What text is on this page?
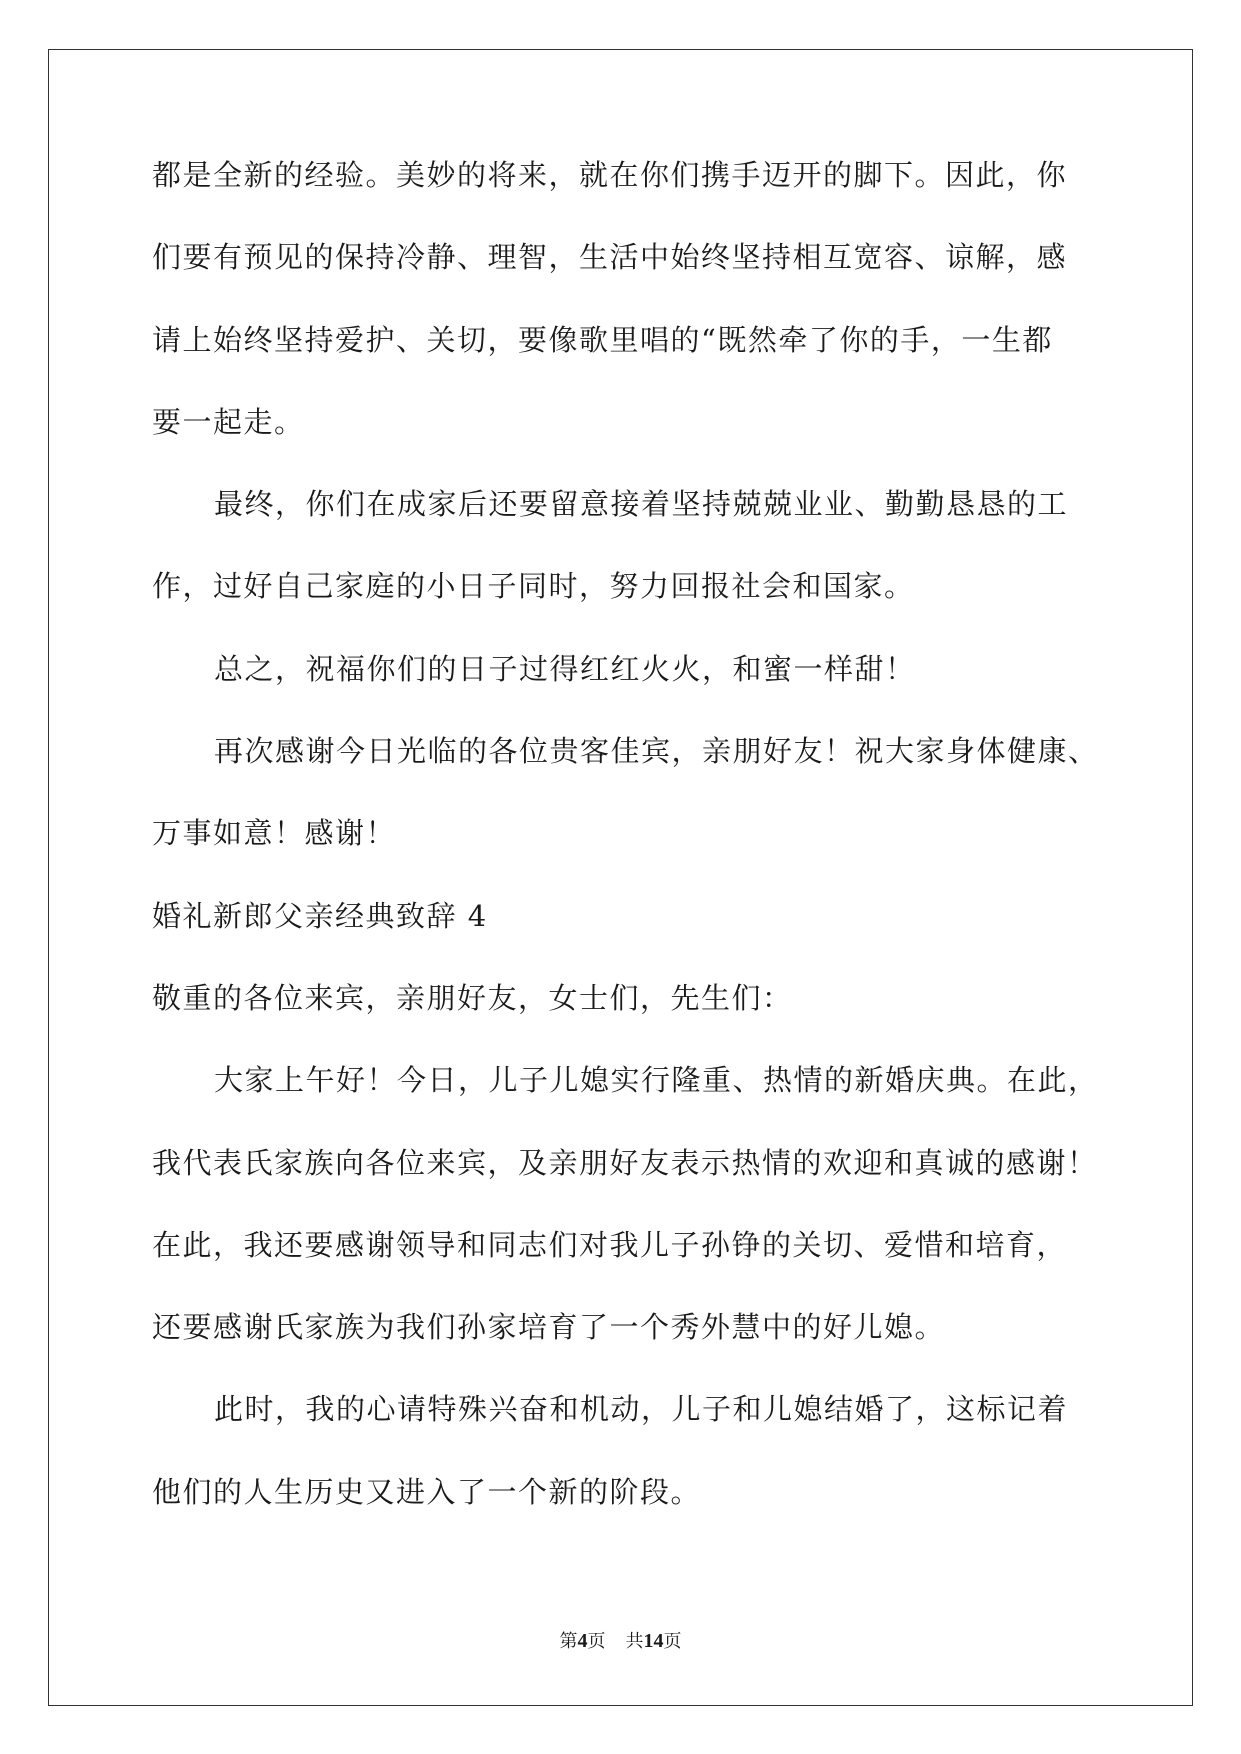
都是全新的经验。美妙的将来，就在你们携手迈开的脚下。因此，你
们要有预见的保持冷静、理智，生活中始终坚持相互宽容、谅解，感
请上始终坚持爱护、关切，要像歌里唱的“既然牵了你的手，一生都
要一起走。
最终，你们在成家后还要留意接着坚持兢兢业业、勤勤恳恳的工
作，过好自己家庭的小日子同时，努力回报社会和国家。
总之，祝福你们的日子过得红红火火，和蜜一样甜！
再次感谢今日光临的各位贵客佳宾，亲朋好友！祝大家身体健康、
万事如意！感谢！
婚礼新郎父亲经典致辞 4
敬重的各位来宾，亲朋好友，女士们，先生们：
大家上午好！今日，儿子儿媳实行隆重、热情的新婚庆典。在此，
我代表氏家族向各位来宾，及亲朋好友表示热情的欢迎和真诚的感谢！
在此，我还要感谢领导和同志们对我儿子孙铮的关切、爱惜和培育，
还要感谢氏家族为我们孙家培育了一个秀外慧中的好儿媳。
此时，我的心请特殊兴奋和机动，儿子和儿媳结婚了，这标记着
他们的人生历史又进入了一个新的阶段。
第4页 共14页
